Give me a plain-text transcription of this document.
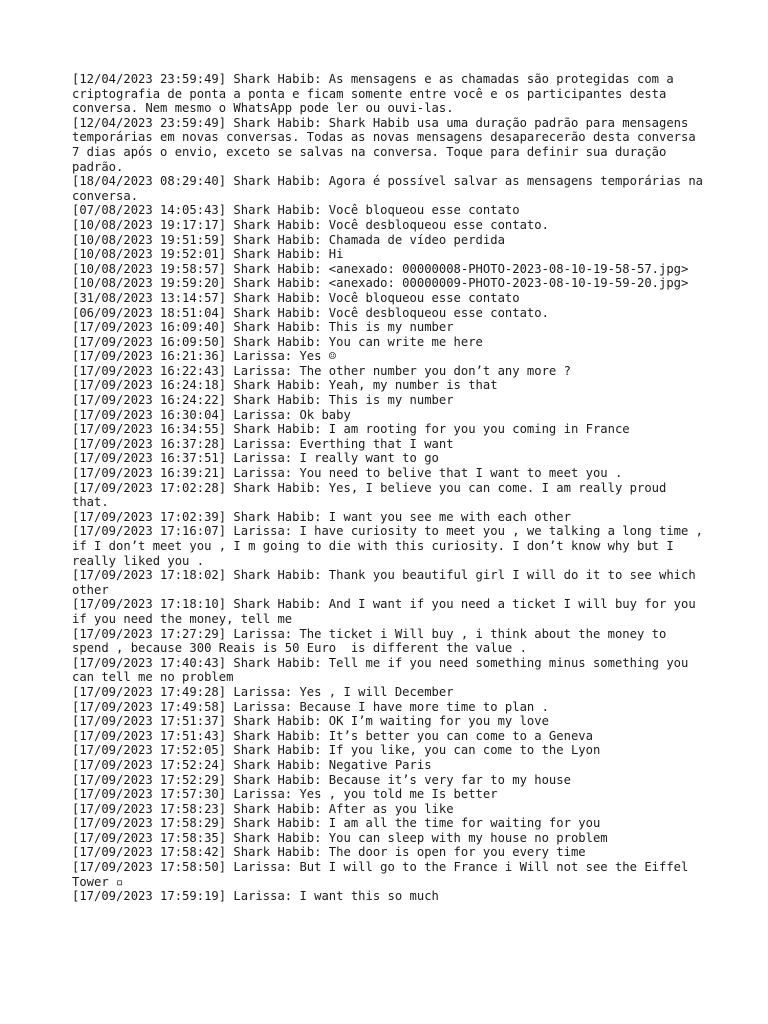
[12/04/2023 23:59:49] Shark Habib: As mensagens e as chamadas são protegidas com a criptografia de ponta a ponta e ficam somente entre você e os participantes desta conversa. Nem mesmo o WhatsApp pode ler ou ouvi-las.

[12/04/2023 23:59:49] Shark Habib: Shark Habib usa uma duração padrão para mensagens temporárias em novas conversas. Todas as novas mensagens desaparecerão desta conversa 7 dias após o envio, exceto se salvas na conversa. Toque para definir sua duração padrão.

[18/04/2023 08:29:40] Shark Habib: Agora é possível salvar as mensagens temporárias na conversa.

[07/08/2023 14:05:43] Shark Habib: Você bloqueou esse contato

[10/08/2023 19:17:17] Shark Habib: Você desbloqueou esse contato.

[10/08/2023 19:51:59] Shark Habib: Chamada de vídeo perdida

[10/08/2023 19:52:01] Shark Habib: Hi

[10/08/2023 19:58:57] Shark Habib: <anexado: 00000008-PHOTO-2023-08-10-19-58-57.jpg>

[10/08/2023 19:59:20] Shark Habib: <anexado: 00000009-PHOTO-2023-08-10-19-59-20.jpg>

[31/08/2023 13:14:57] Shark Habib: Você bloqueou esse contato

[06/09/2023 18:51:04] Shark Habib: Você desbloqueou esse contato.

[17/09/2023 16:09:40] Shark Habib: This is my number

[17/09/2023 16:09:50] Shark Habib: You can write me here

[17/09/2023 16:21:36] Larissa: Yes ☺

[17/09/2023 16:22:43] Larissa: The other number you don’t any more ?

[17/09/2023 16:24:18] Shark Habib: Yeah, my number is that

[17/09/2023 16:24:22] Shark Habib: This is my number

[17/09/2023 16:30:04] Larissa: Ok baby

[17/09/2023 16:34:55] Shark Habib: I am rooting for you you coming in France

[17/09/2023 16:37:28] Larissa: Everthing that I want

[17/09/2023 16:37:51] Larissa: I really want to go

[17/09/2023 16:39:21] Larissa: You need to belive that I want to meet you .

[17/09/2023 17:02:28] Shark Habib: Yes, I believe you can come. I am really proud that.

[17/09/2023 17:02:39] Shark Habib: I want you see me with each other

[17/09/2023 17:16:07] Larissa: I have curiosity to meet you , we talking a long time , if I don’t meet you , I m going to die with this curiosity. I don’t know why but I really liked you .

[17/09/2023 17:18:02] Shark Habib: Thank you beautiful girl I will do it to see which other

[17/09/2023 17:18:10] Shark Habib: And I want if you need a ticket I will buy for you if you need the money, tell me

[17/09/2023 17:27:29] Larissa: The ticket i Will buy , i think about the money to spend , because 300 Reais is 50 Euro  is different the value .

[17/09/2023 17:40:43] Shark Habib: Tell me if you need something minus something you can tell me no problem

[17/09/2023 17:49:28] Larissa: Yes , I will December

[17/09/2023 17:49:58] Larissa: Because I have more time to plan .

[17/09/2023 17:51:37] Shark Habib: OK I’m waiting for you my love

[17/09/2023 17:51:43] Shark Habib: It’s better you can come to a Geneva

[17/09/2023 17:52:05] Shark Habib: If you like, you can come to the Lyon

[17/09/2023 17:52:24] Shark Habib: Negative Paris

[17/09/2023 17:52:29] Shark Habib: Because it’s very far to my house

[17/09/2023 17:57:30] Larissa: Yes , you told me Is better

[17/09/2023 17:58:23] Shark Habib: After as you like

[17/09/2023 17:58:29] Shark Habib: I am all the time for waiting for you

[17/09/2023 17:58:35] Shark Habib: You can sleep with my house no problem

[17/09/2023 17:58:42] Shark Habib: The door is open for you every time

[17/09/2023 17:58:50] Larissa: But I will go to the France i Will not see the Eiffel Tower ▫

[17/09/2023 17:59:19] Larissa: I want this so much
